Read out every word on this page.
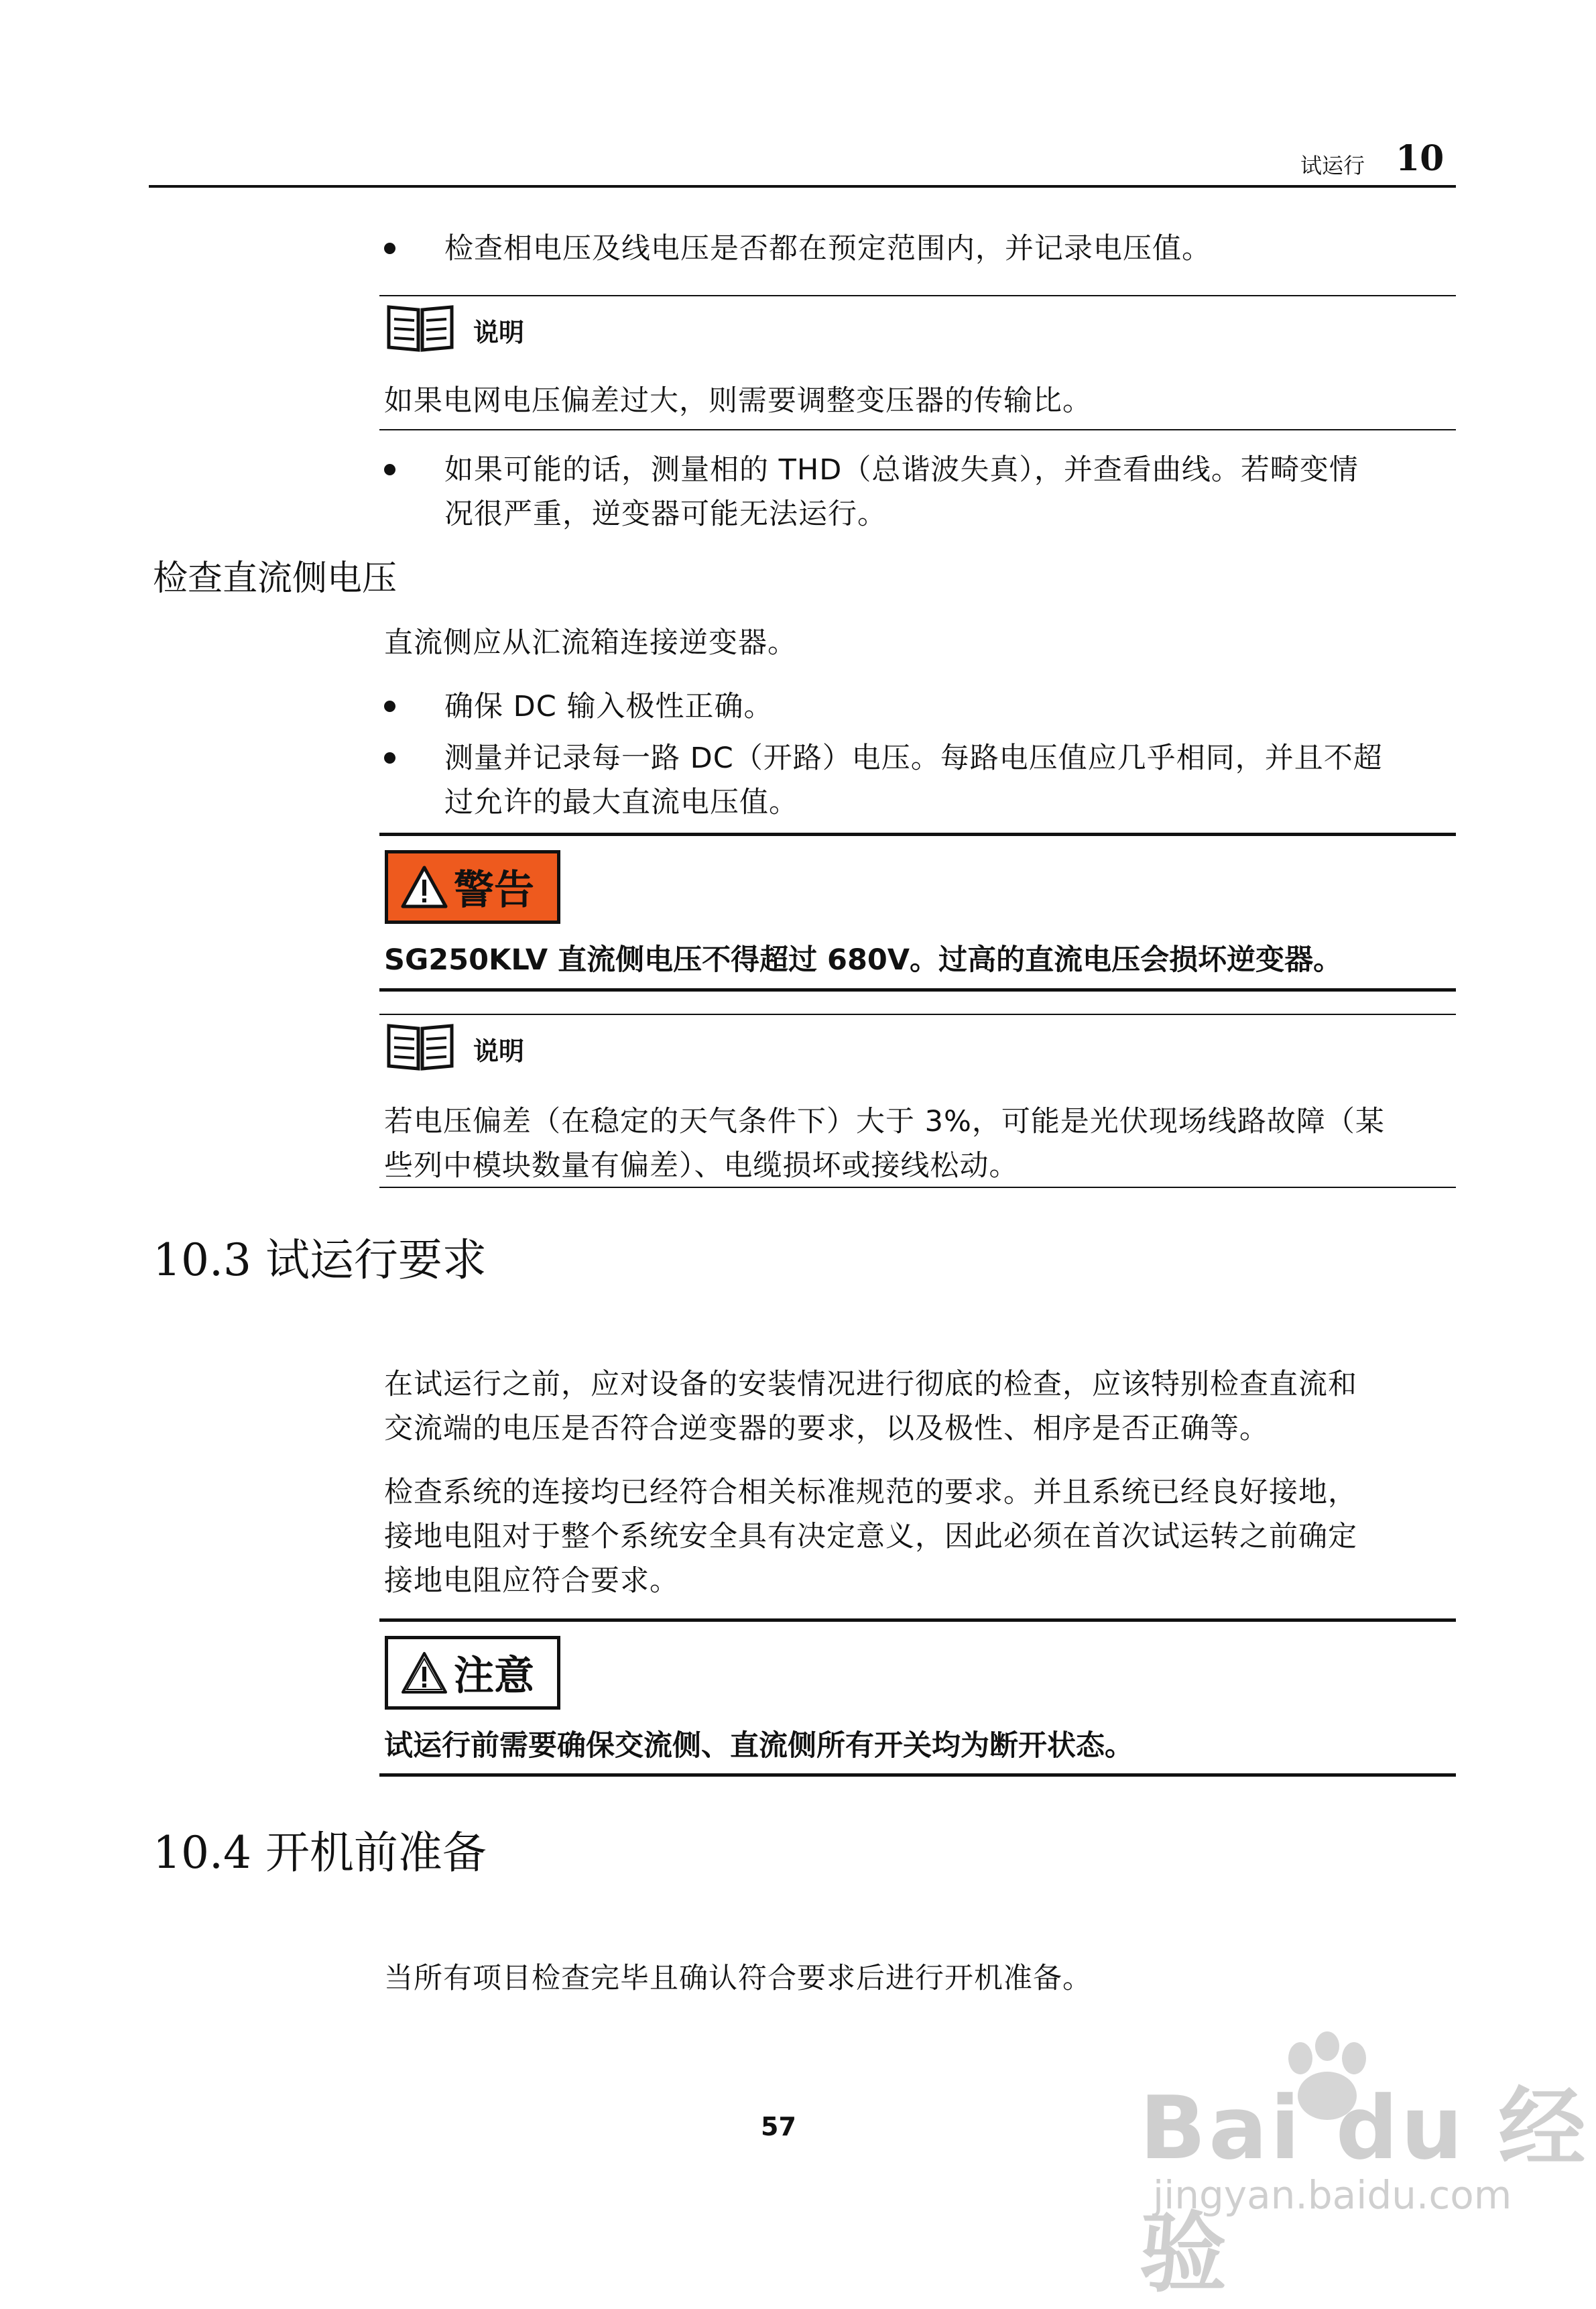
试运行 10
检查相电压及线电压是否都在预定范围内，并记录电压值。
说明
如果电网电压偏差过大，则需要调整变压器的传输比。
如果可能的话，测量相的 THD（总谐波失真），并查看曲线。若畸变情
况很严重，逆变器可能无法运行。
检查直流侧电压
直流侧应从汇流箱连接逆变器。
确保 DC 输入极性正确。
测量并记录每一路 DC（开路）电压。每路电压值应几乎相同，并且不超
过允许的最大直流电压值。
警告
SG250KLV 直流侧电压不得超过 680V。过高的直流电压会损坏逆变器。
说明
若电压偏差（在稳定的天气条件下）大于 3%，可能是光伏现场线路故障（某
些列中模块数量有偏差）、电缆损坏或接线松动。
10.3 试运行要求
在试运行之前，应对设备的安装情况进行彻底的检查，应该特别检查直流和
交流端的电压是否符合逆变器的要求，以及极性、相序是否正确等。
检查系统的连接均已经符合相关标准规范的要求。并且系统已经良好接地，
接地电阻对于整个系统安全具有决定意义，因此必须在首次试运转之前确定
接地电阻应符合要求。
注意
试运行前需要确保交流侧、直流侧所有开关均为断开状态。
10.4 开机前准备
当所有项目检查完毕且确认符合要求后进行开机准备。
57	Bai du 经验
jingyan.baidu.com
